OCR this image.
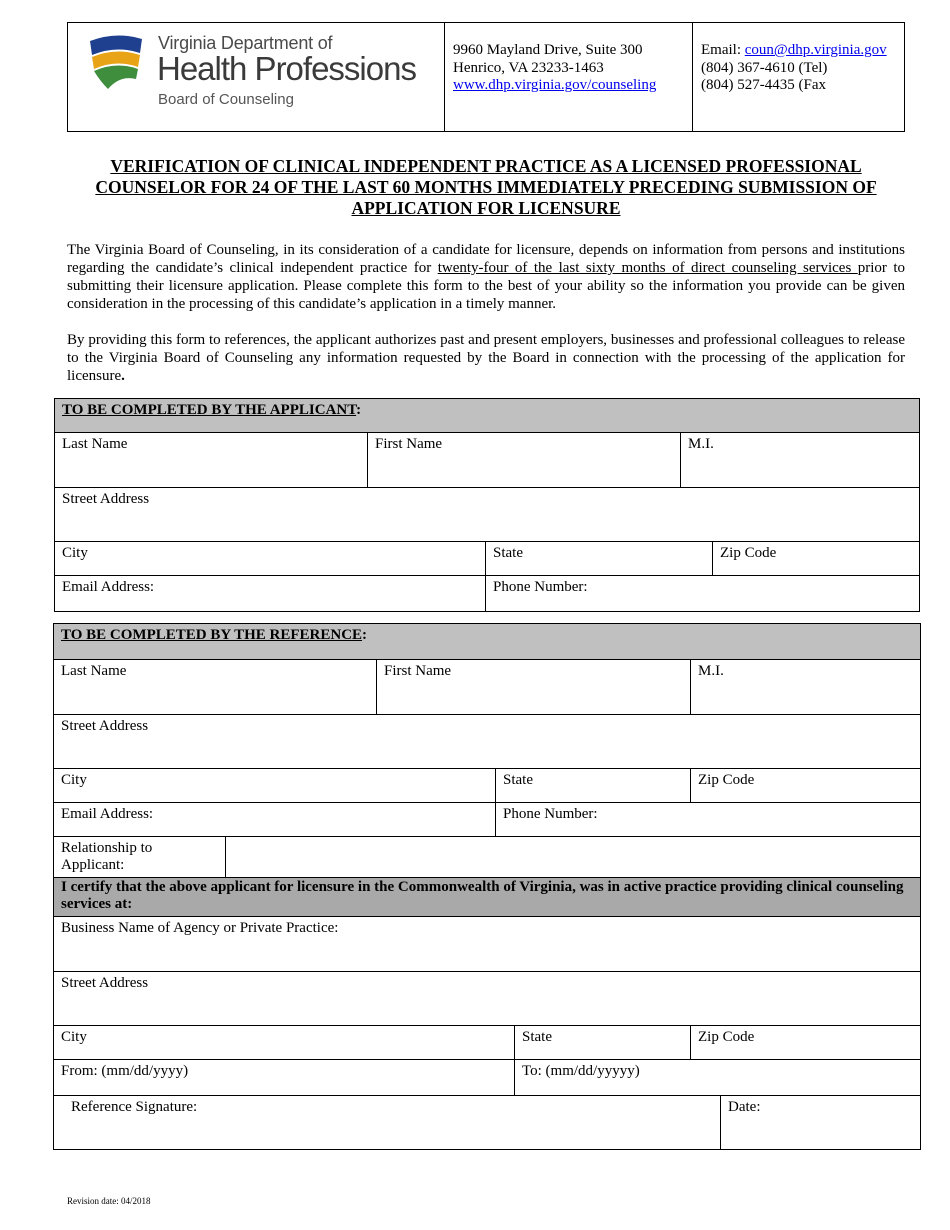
Virginia Department of
Health Professions
Board of Counseling
9960 Mayland Drive, Suite 300
Henrico, VA 23233-1463
www.dhp.virginia.gov/counseling
Email: coun@dhp.virginia.gov
(804) 367-4610 (Tel)
(804) 527-4435 (Fax
VERIFICATION OF CLINICAL INDEPENDENT PRACTICE AS A LICENSED PROFESSIONAL COUNSELOR FOR 24 OF THE LAST 60 MONTHS IMMEDIATELY PRECEDING SUBMISSION OF APPLICATION FOR LICENSURE
The Virginia Board of Counseling, in its consideration of a candidate for licensure, depends on information from persons and institutions regarding the candidate’s clinical independent practice for twenty-four of the last sixty months of direct counseling services prior to submitting their licensure application. Please complete this form to the best of your ability so the information you provide can be given consideration in the processing of this candidate’s application in a timely manner.
By providing this form to references, the applicant authorizes past and present employers, businesses and professional colleagues to release to the Virginia Board of Counseling any information requested by the Board in connection with the processing of the application for licensure.
TO BE COMPLETED BY THE APPLICANT:				
Last Name	First Name		M.I.	
Street Address				
City		State		Zip Code
Email Address:		Phone Number:		
TO BE COMPLETED BY THE REFERENCE:						
Last Name		First Name			M.I.	
Street Address						
City			State		Zip Code	
Email Address:			Phone Number:			
Relationship to Applicant:						
I certify that the above applicant for licensure in the Commonwealth of Virginia, was in active practice providing clinical counseling services at:						
Business Name of Agency or Private Practice:						
Street Address						
City				State	Zip Code	
From: (mm/dd/yyyy)				To: (mm/dd/yyyyy)		
Reference Signature:						Date:
Revision date: 04/2018
